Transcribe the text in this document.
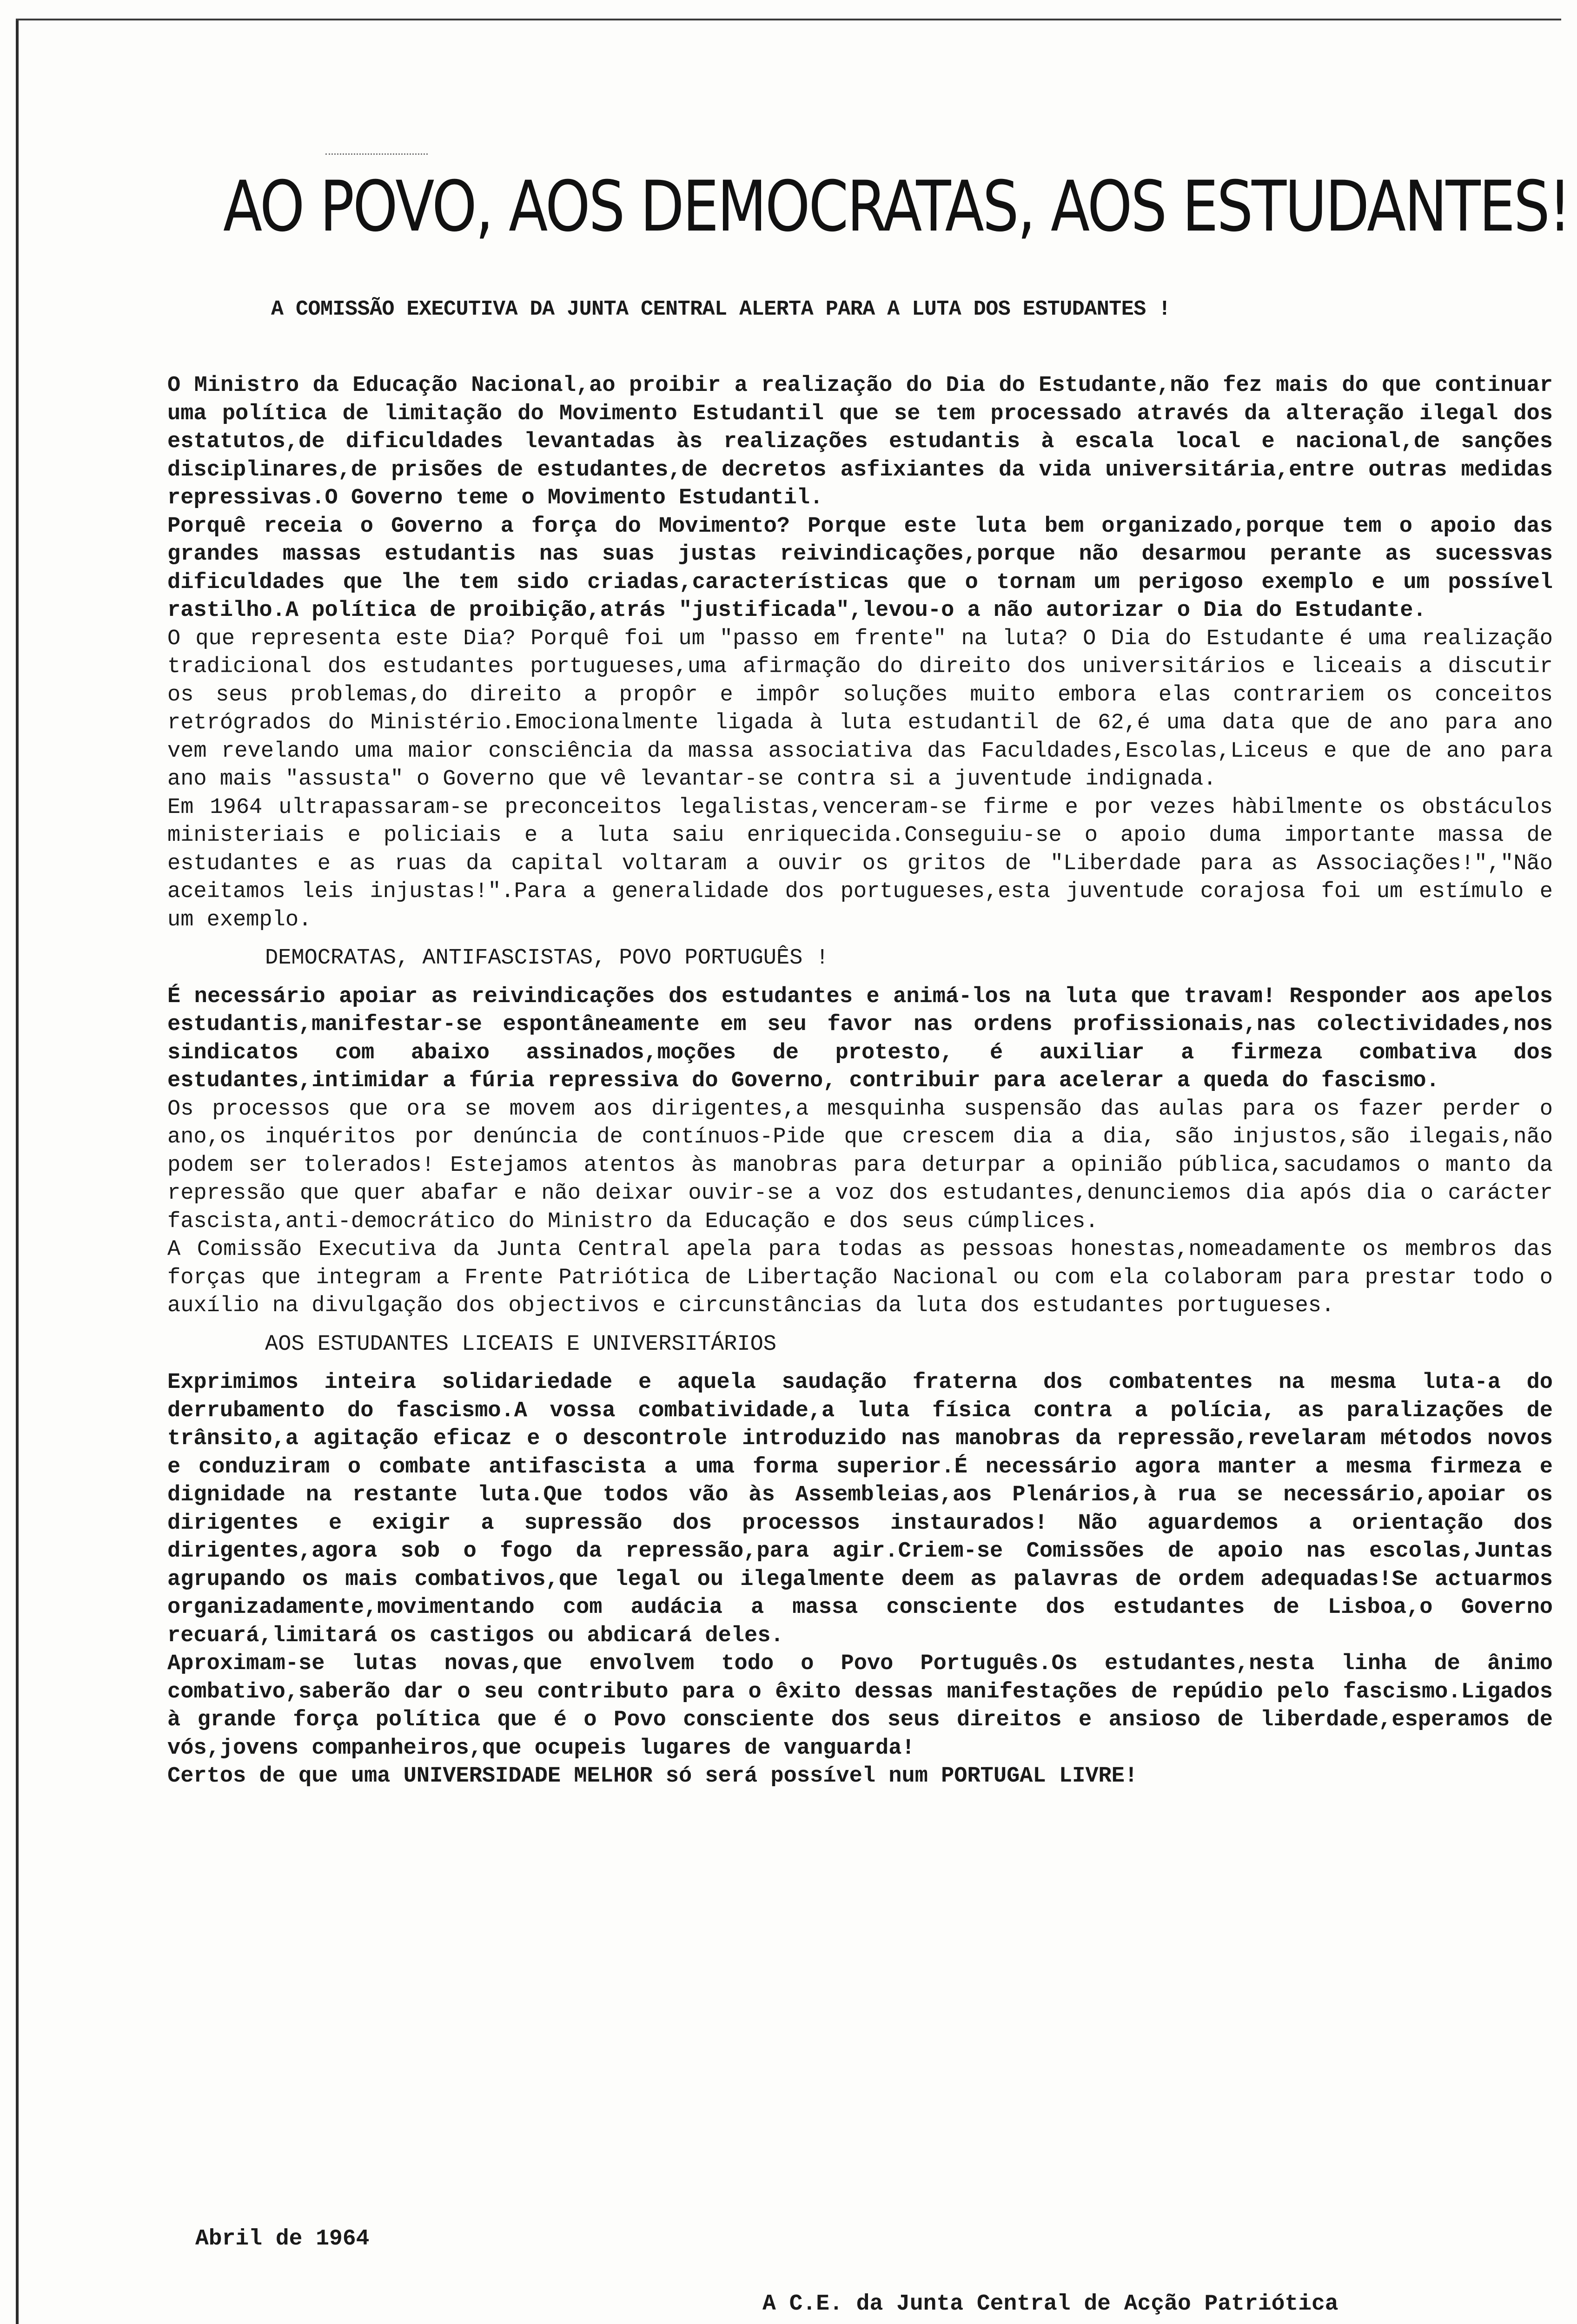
AO POVO, AOS DEMOCRATAS, AOS ESTUDANTES!
A COMISSÃO EXECUTIVA DA JUNTA CENTRAL ALERTA PARA A LUTA DOS ESTUDANTES !

O Ministro da Educação Nacional,ao proibir a realização do Dia do Estudante,não fez mais do que continuar uma política de limitação do Movimento Estudantil que se tem processado através da alteração ilegal dos estatutos,de dificuldades levantadas às realizações estudantis à escala local e nacional,de sanções disciplinares,de prisões de estudantes,de decretos asfixiantes da vida universitária,entre outras medidas repressivas.O Governo teme o Movimento Estudantil.

Porquê receia o Governo a força do Movimento? Porque este luta bem organizado,porque tem o apoio das grandes massas estudantis nas suas justas reivindicações,porque não desarmou perante as sucessvas dificuldades que lhe tem sido criadas,características que o tornam um perigoso exemplo e um possível rastilho.A política de proibição,atrás "justificada",levou-o a não autorizar o Dia do Estudante.

O que representa este Dia? Porquê foi um "passo em frente" na luta? O Dia do Estudante é uma realização tradicional dos estudantes portugueses,uma afirmação do direito dos universitários e liceais a discutir os seus problemas,do direito a propôr e impôr soluções muito embora elas contrariem os conceitos retrógrados do Ministério.Emocionalmente ligada à luta estudantil de 62,é uma data que de ano para ano vem revelando uma maior consciência da massa associativa das Faculdades,Escolas,Liceus e que de ano para ano mais "assusta" o Governo que vê levantar-se contra si a juventude indignada.

Em 1964 ultrapassaram-se preconceitos legalistas,venceram-se firme e por vezes hàbilmente os obstáculos ministeriais e policiais e a luta saiu enriquecida.Conseguiu-se o apoio duma importante massa de estudantes e as ruas da capital voltaram a ouvir os gritos de "Liberdade para as Associações!","Não aceitamos leis injustas!".Para a generalidade dos portugueses,esta juventude corajosa foi um estímulo e um exemplo.

DEMOCRATAS, ANTIFASCISTAS, POVO PORTUGUÊS !

É necessário apoiar as reivindicações dos estudantes e animá-los na luta que travam! Responder aos apelos estudantis,manifestar-se espontâneamente em seu favor nas ordens profissionais,nas colectividades,nos sindicatos com abaixo assinados,moções de protesto, é auxiliar a firmeza combativa dos estudantes,intimidar a fúria repressiva do Governo, contribuir para acelerar a queda do fascismo.

Os processos que ora se movem aos dirigentes,a mesquinha suspensão das aulas para os fazer perder o ano,os inquéritos por denúncia de contínuos-Pide que crescem dia a dia, são injustos,são ilegais,não podem ser tolerados! Estejamos atentos às manobras para deturpar a opinião pública,sacudamos o manto da repressão que quer abafar e não deixar ouvir-se a voz dos estudantes,denunciemos dia após dia o carácter fascista,anti-democrático do Ministro da Educação e dos seus cúmplices.

A Comissão Executiva da Junta Central apela para todas as pessoas honestas,nomeadamente os membros das forças que integram a Frente Patriótica de Libertação Nacional ou com ela colaboram para prestar todo o auxílio na divulgação dos objectivos e circunstâncias da luta dos estudantes portugueses.

AOS ESTUDANTES LICEAIS E UNIVERSITÁRIOS

Exprimimos inteira solidariedade e aquela saudação fraterna dos combatentes na mesma luta-a do derrubamento do fascismo.A vossa combatividade,a luta física contra a polícia, as paralizações de trânsito,a agitação eficaz e o descontrole introduzido nas manobras da repressão,revelaram métodos novos e conduziram o combate antifascista a uma forma superior.É necessário agora manter a mesma firmeza e dignidade na restante luta.Que todos vão às Assembleias,aos Plenários,à rua se necessário,apoiar os dirigentes e exigir a supressão dos processos instaurados! Não aguardemos a orientação dos dirigentes,agora sob o fogo da repressão,para agir.Criem-se Comissões de apoio nas escolas,Juntas agrupando os mais combativos,que legal ou ilegalmente deem as palavras de ordem adequadas!Se actuarmos organizadamente,movimentando com audácia a massa consciente dos estudantes de Lisboa,o Governo recuará,limitará os castigos ou abdicará deles.

Aproximam-se lutas novas,que envolvem todo o Povo Português.Os estudantes,nesta linha de ânimo combativo,saberão dar o seu contributo para o êxito dessas manifestações de repúdio pelo fascismo.Ligados à grande força política que é o Povo consciente dos seus direitos e ansioso de liberdade,esperamos de vós,jovens companheiros,que ocupeis lugares de vanguarda!

Certos de que uma UNIVERSIDADE MELHOR só será possível num PORTUGAL LIVRE!

Abril de 1964
A C.E. da Junta Central de Acção Patriótica
